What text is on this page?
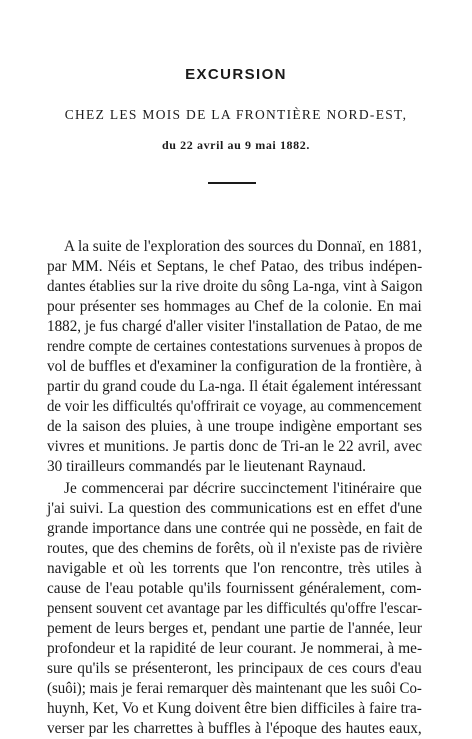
EXCURSION
CHEZ LES MOIS DE LA FRONTIÈRE NORD-EST,
du 22 avril au 9 mai 1882.
A la suite de l'exploration des sources du Donnaï, en 1881,
par MM. Néis et Septans, le chef Patao, des tribus indépen-
dantes établies sur la rive droite du sông La-nga, vint à Saigon
pour présenter ses hommages au Chef de la colonie. En mai
1882, je fus chargé d'aller visiter l'installation de Patao, de me
rendre compte de certaines contestations survenues à propos de
vol de buffles et d'examiner la configuration de la frontière, à
partir du grand coude du La-nga. Il était également intéressant
de voir les difficultés qu'offrirait ce voyage, au commencement
de la saison des pluies, à une troupe indigène emportant ses
vivres et munitions. Je partis donc de Tri-an le 22 avril, avec
30 tirailleurs commandés par le lieutenant Raynaud.
Je commencerai par décrire succinctement l'itinéraire que
j'ai suivi. La question des communications est en effet d'une
grande importance dans une contrée qui ne possède, en fait de
routes, que des chemins de forêts, où il n'existe pas de rivière
navigable et où les torrents que l'on rencontre, très utiles à
cause de l'eau potable qu'ils fournissent généralement, com-
pensent souvent cet avantage par les difficultés qu'offre l'escar-
pement de leurs berges et, pendant une partie de l'année, leur
profondeur et la rapidité de leur courant. Je nommerai, à me-
sure qu'ils se présenteront, les principaux de ces cours d'eau
(suôi); mais je ferai remarquer dès maintenant que les suôi Co-
huynh, Ket, Vo et Kung doivent être bien difficiles à faire tra-
verser par les charrettes à buffles à l'époque des hautes eaux,
